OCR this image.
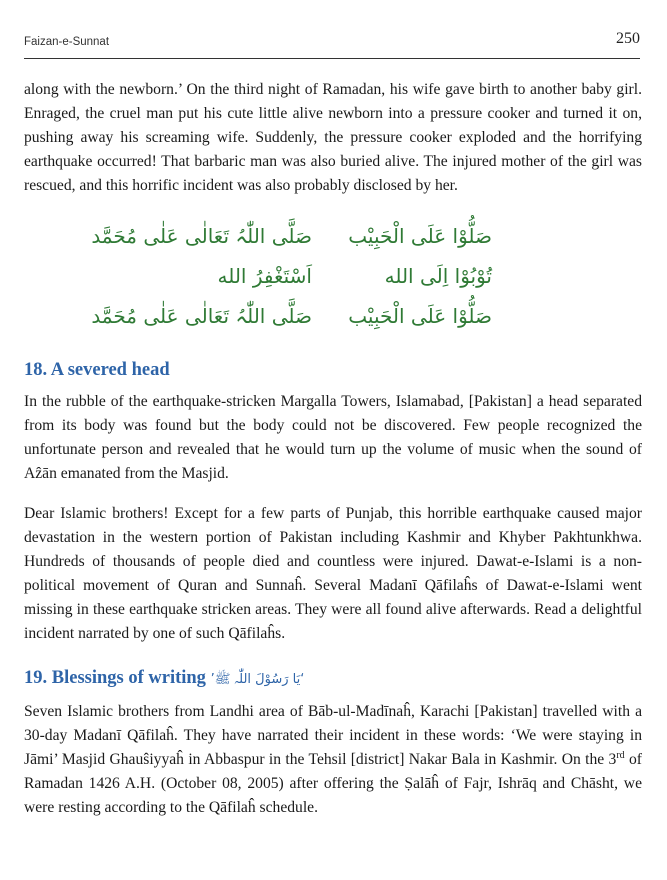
Faizan-e-Sunnat	250

along with the newborn.’ On the third night of Ramadan, his wife gave birth to another baby girl. Enraged, the cruel man put his cute little alive newborn into a pressure cooker and turned it on, pushing away his screaming wife. Suddenly, the pressure cooker exploded and the horrifying earthquake occurred! That barbaric man was also buried alive. The injured mother of the girl was rescued, and this horrific incident was also probably disclosed by her.

صَلُّوْا عَلَی الْحَبِیْب
صَلَّی اللّٰہُ تَعَالٰی عَلٰی مُحَمَّد
تُوْبُوْا اِلَی الله
اَسْتَغْفِرُ الله
صَلُّوْا عَلَی الْحَبِیْب
صَلَّی اللّٰہُ تَعَالٰی عَلٰی مُحَمَّد
18. A severed head

In the rubble of the earthquake-stricken Margalla Towers, Islamabad, [Pakistan] a head separated from its body was found but the body could not be discovered. Few people recognized the unfortunate person and revealed that he would turn up the volume of music when the sound of Aẑān emanated from the Masjid.

Dear Islamic brothers! Except for a few parts of Punjab, this horrible earthquake caused major devastation in the western portion of Pakistan including Kashmir and Khyber Pakhtunkhwa. Hundreds of thousands of people died and countless were injured. Dawat-e-Islami is a non-political movement of Quran and Sunnaĥ. Several Madanī Qāfilaĥs of Dawat-e-Islami went missing in these earthquake stricken areas. They were all found alive afterwards. Read a delightful incident narrated by one of such Qāfilaĥs.

19. Blessings of writing ‘یَا رَسُوْلَ اللّٰہ ﷺ’

Seven Islamic brothers from Landhi area of Bāb-ul-Madīnaĥ, Karachi [Pakistan] travelled with a 30-day Madanī Qāfilaĥ. They have narrated their incident in these words: ‘We were staying in Jāmi’ Masjid Ghauŝiyyaĥ in Abbaspur in the Tehsil [district] Nakar Bala in Kashmir. On the 3rd of Ramadan 1426 A.H. (October 08, 2005) after offering the Ṣalāĥ of Fajr, Ishrāq and Chāsht, we were resting according to the Qāfilaĥ schedule.
